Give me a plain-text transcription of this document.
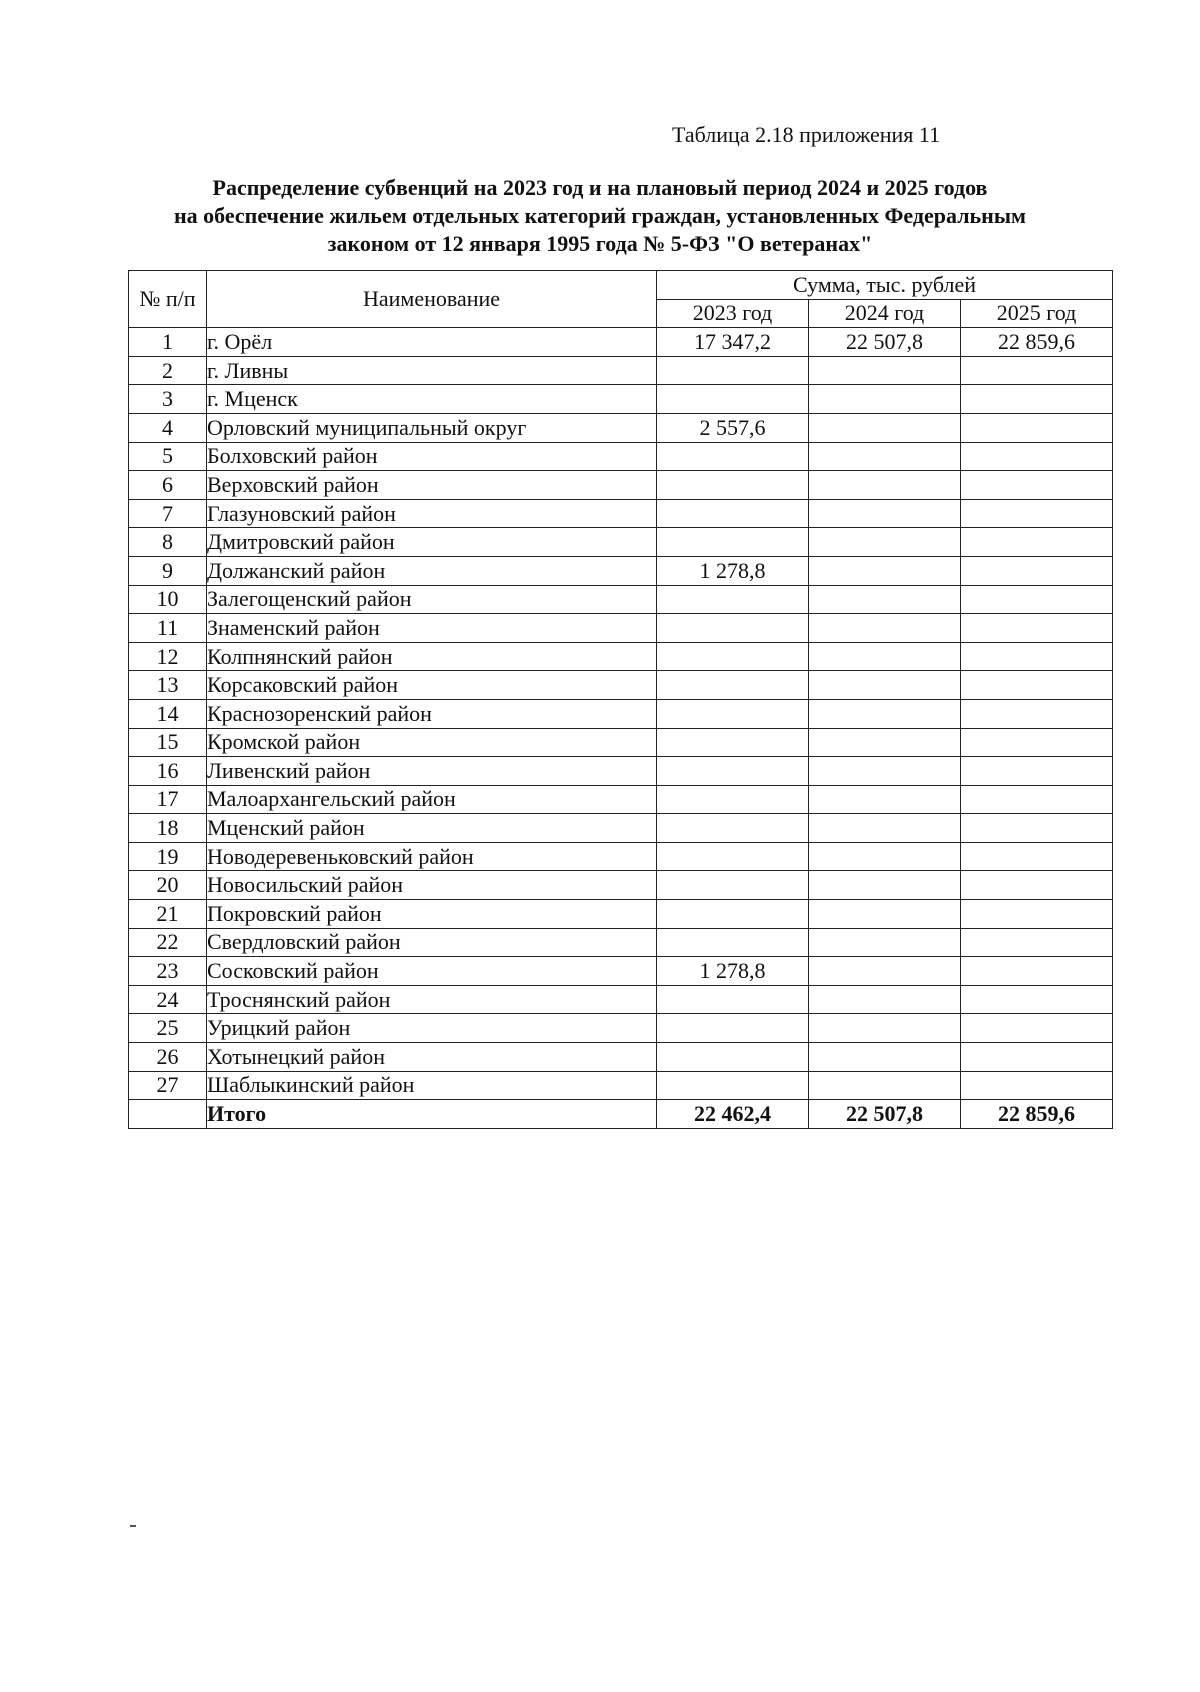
Таблица 2.18 приложения 11
Распределение субвенций на 2023 год и на плановый период 2024 и 2025 годов
на обеспечение жильем отдельных категорий граждан, установленных Федеральным
законом от 12 января 1995 года № 5-ФЗ "О ветеранах"
№ п/п	Наименование	Сумма, тыс. рублей		
		2023 год	2024 год	2025 год
1	г. Орёл	17 347,2	22 507,8	22 859,6
2	г. Ливны			
3	г. Мценск			
4	Орловский муниципальный округ	2 557,6		
5	Болховский район			
6	Верховский район			
7	Глазуновский район			
8	Дмитровский район			
9	Должанский район	1 278,8		
10	Залегощенский район			
11	Знаменский район			
12	Колпнянский район			
13	Корсаковский район			
14	Краснозоренский район			
15	Кромской район			
16	Ливенский район			
17	Малоархангельский район			
18	Мценский район			
19	Новодеревеньковский район			
20	Новосильский район			
21	Покровский район			
22	Свердловский район			
23	Сосковский район	1 278,8		
24	Троснянский район			
25	Урицкий район			
26	Хотынецкий район			
27	Шаблыкинский район			
	Итого	22 462,4	22 507,8	22 859,6
